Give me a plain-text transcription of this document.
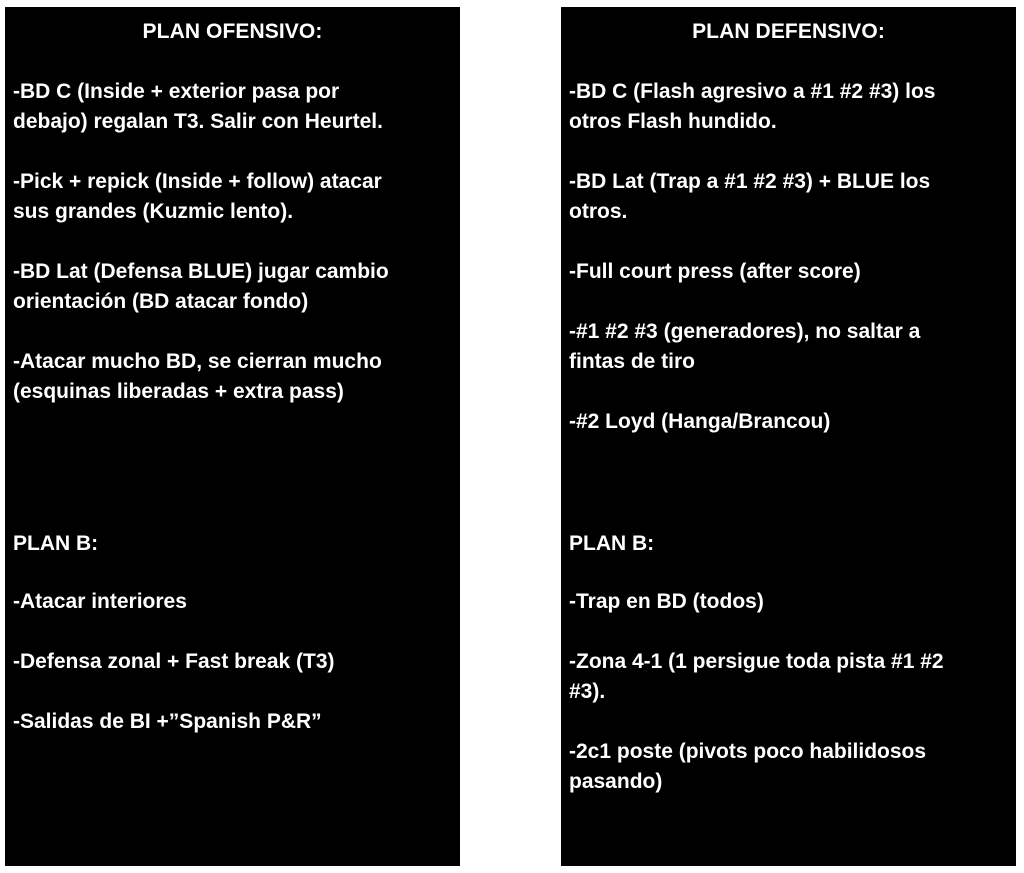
PLAN OFENSIVO:
-BD C (Inside + exterior pasa por
debajo) regalan T3. Salir con Heurtel.
-Pick + repick (Inside + follow) atacar
sus grandes (Kuzmic lento).
-BD Lat (Defensa BLUE) jugar cambio
orientación (BD atacar fondo)
-Atacar mucho BD, se cierran mucho
(esquinas liberadas + extra pass)
PLAN B:
-Atacar interiores
-Defensa zonal + Fast break (T3)
-Salidas de BI +”Spanish P&R”
PLAN DEFENSIVO:
-BD C (Flash agresivo a #1 #2 #3) los
otros Flash hundido.
-BD Lat (Trap a #1 #2 #3) + BLUE los
otros.
-Full court press (after score)
-#1 #2 #3 (generadores), no saltar a
fintas de tiro
-#2 Loyd (Hanga/Brancou)
PLAN B:
-Trap en BD (todos)
-Zona 4-1 (1 persigue toda pista #1 #2
#3).
-2c1 poste (pivots poco habilidosos
pasando)
